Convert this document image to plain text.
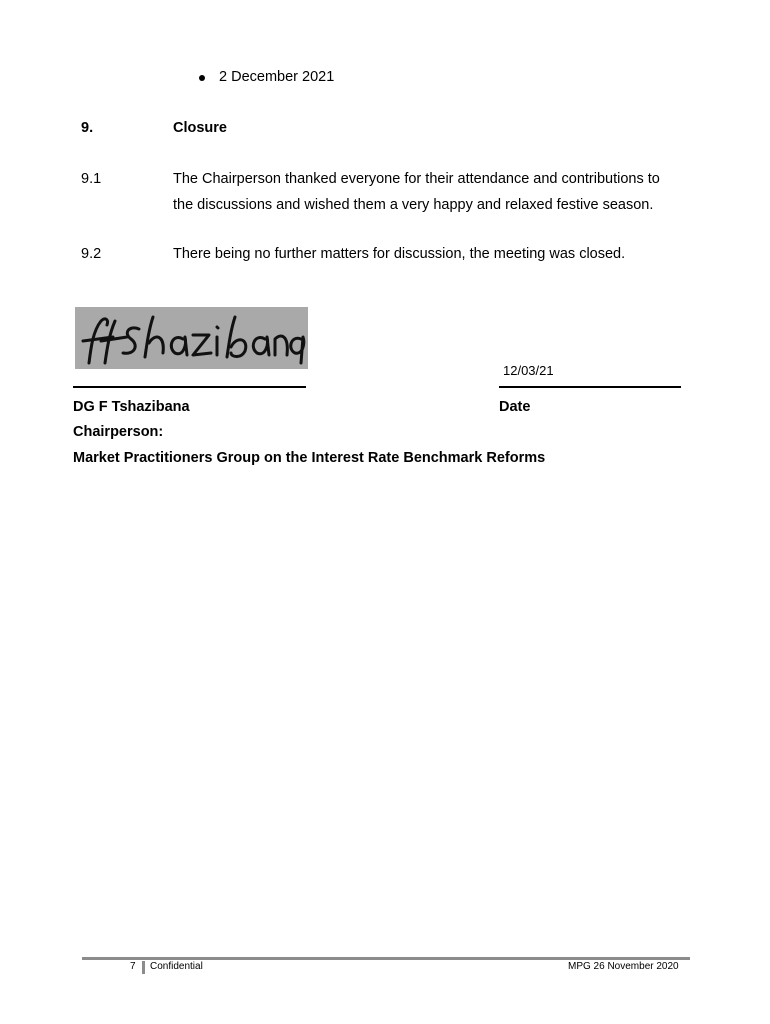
2 December 2021
9.	Closure
9.1	The Chairperson thanked everyone for their attendance and contributions to
the discussions and wished them a very happy and relaxed festive season.
9.2	There being no further matters for discussion, the meeting was closed.
12/03/21
DG F Tshazibana	Date
Chairperson:
Market Practitioners Group on the Interest Rate Benchmark Reforms
7 Confidential	MPG 26 November 2020
